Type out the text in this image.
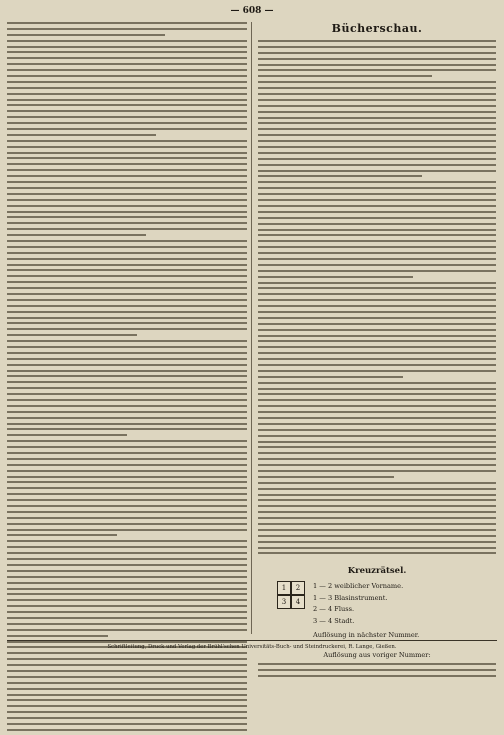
— 608 —
Bücherschau.
Kreuzrätsel.
1	2
3	4
1 — 2 weiblicher Vorname.
1 — 3 Blasinstrument.
2 — 4 Fluss.
3 — 4 Stadt.
Auflösung in nächster Nummer.
Auflösung aus voriger Nummer:
Schriftleitung, Druck und Verlag der Brühl'schen Universitäts-Buch- und Steindruckerei, R. Lange, Gießen.
